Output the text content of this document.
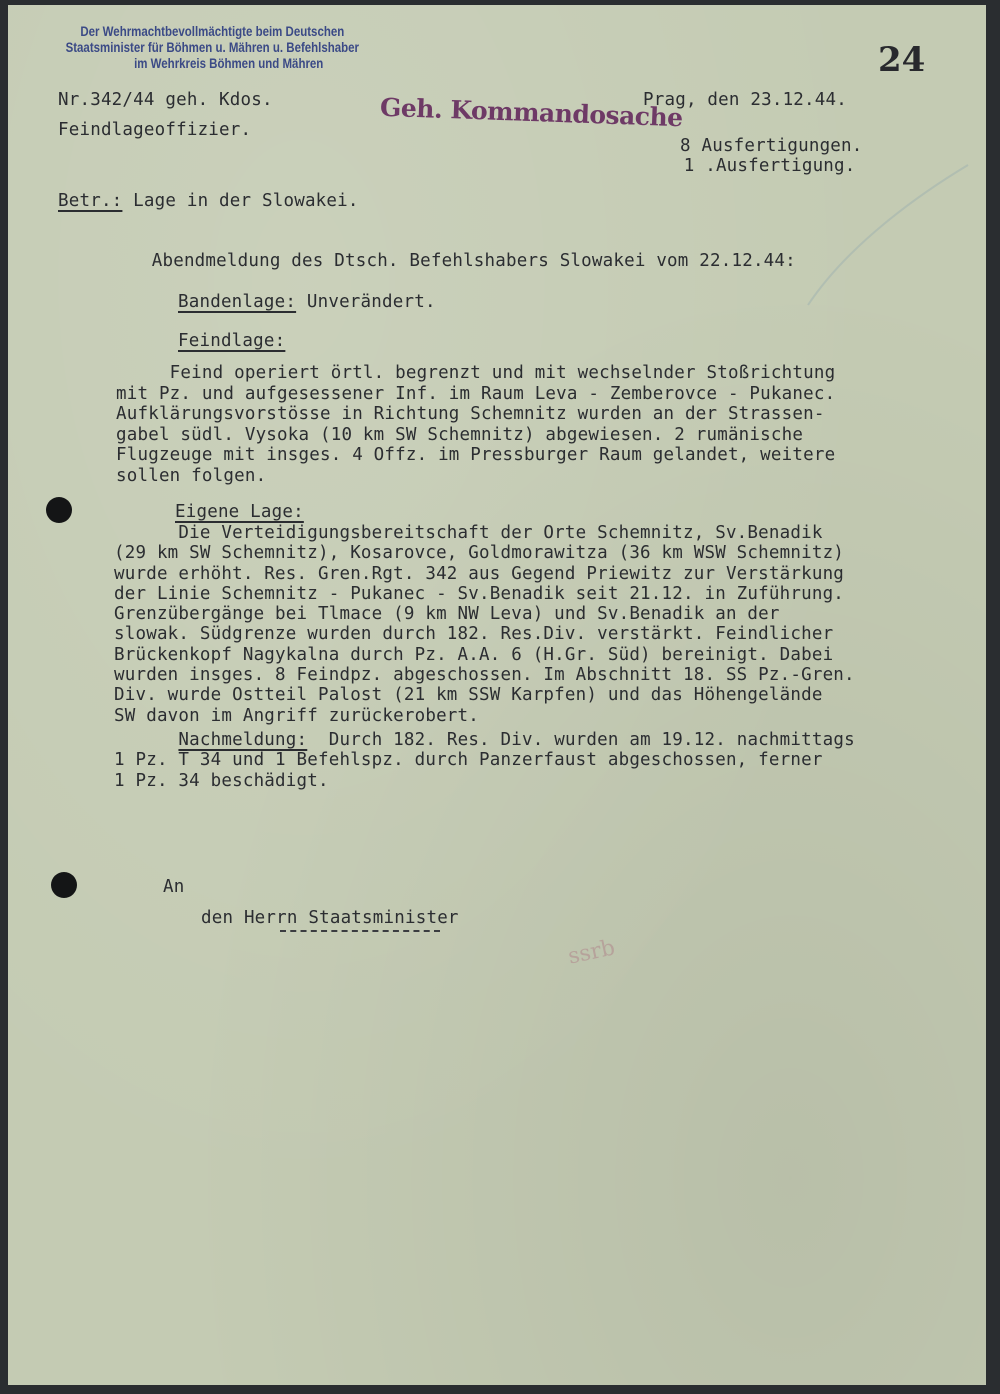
Der Wehrmachtbevollmächtigte beim Deutschen
Staatsminister für Böhmen u. Mähren u. Befehlshaber
im Wehrkreis Böhmen und Mähren	24
Geh. Kommandosache
Nr.342/44 geh. Kdos.
Feindlageoffizier.
Prag, den 23.12.44.
8 Ausfertigungen.
1 .Ausfertigung.
Betr.: Lage in der Slowakei.
Abendmeldung des Dtsch. Befehlshabers Slowakei vom 22.12.44:
Bandenlage: Unverändert.
Feindlage:
Feind operiert örtl. begrenzt und mit wechselnder Stoßrichtung
mit Pz. und aufgesessener Inf. im Raum Leva - Zemberovce - Pukanec.
Aufklärungsvorstösse in Richtung Schemnitz wurden an der Strassen-
gabel südl. Vysoka (10 km SW Schemnitz) abgewiesen. 2 rumänische
Flugzeuge mit insges. 4 Offz. im Pressburger Raum gelandet, weitere
sollen folgen.
Eigene Lage:
Die Verteidigungsbereitschaft der Orte Schemnitz, Sv.Benadik
(29 km SW Schemnitz), Kosarovce, Goldmorawitza (36 km WSW Schemnitz)
wurde erhöht. Res. Gren.Rgt. 342 aus Gegend Priewitz zur Verstärkung
der Linie Schemnitz - Pukanec - Sv.Benadik seit 21.12. in Zuführung.
Grenzübergänge bei Tlmace (9 km NW Leva) und Sv.Benadik an der
slowak. Südgrenze wurden durch 182. Res.Div. verstärkt. Feindlicher
Brückenkopf Nagykalna durch Pz. A.A. 6 (H.Gr. Süd) bereinigt. Dabei
wurden insges. 8 Feindpz. abgeschossen. Im Abschnitt 18. SS Pz.-Gren.
Div. wurde Ostteil Palost (21 km SSW Karpfen) und das Höhengelände
SW davon im Angriff zurückerobert.
Nachmeldung: Durch 182. Res. Div. wurden am 19.12. nachmittags
1 Pz. T 34 und 1 Befehlspz. durch Panzerfaust abgeschossen, ferner
1 Pz. 34 beschädigt.
An
den Herrn Staatsminister
ssrb
